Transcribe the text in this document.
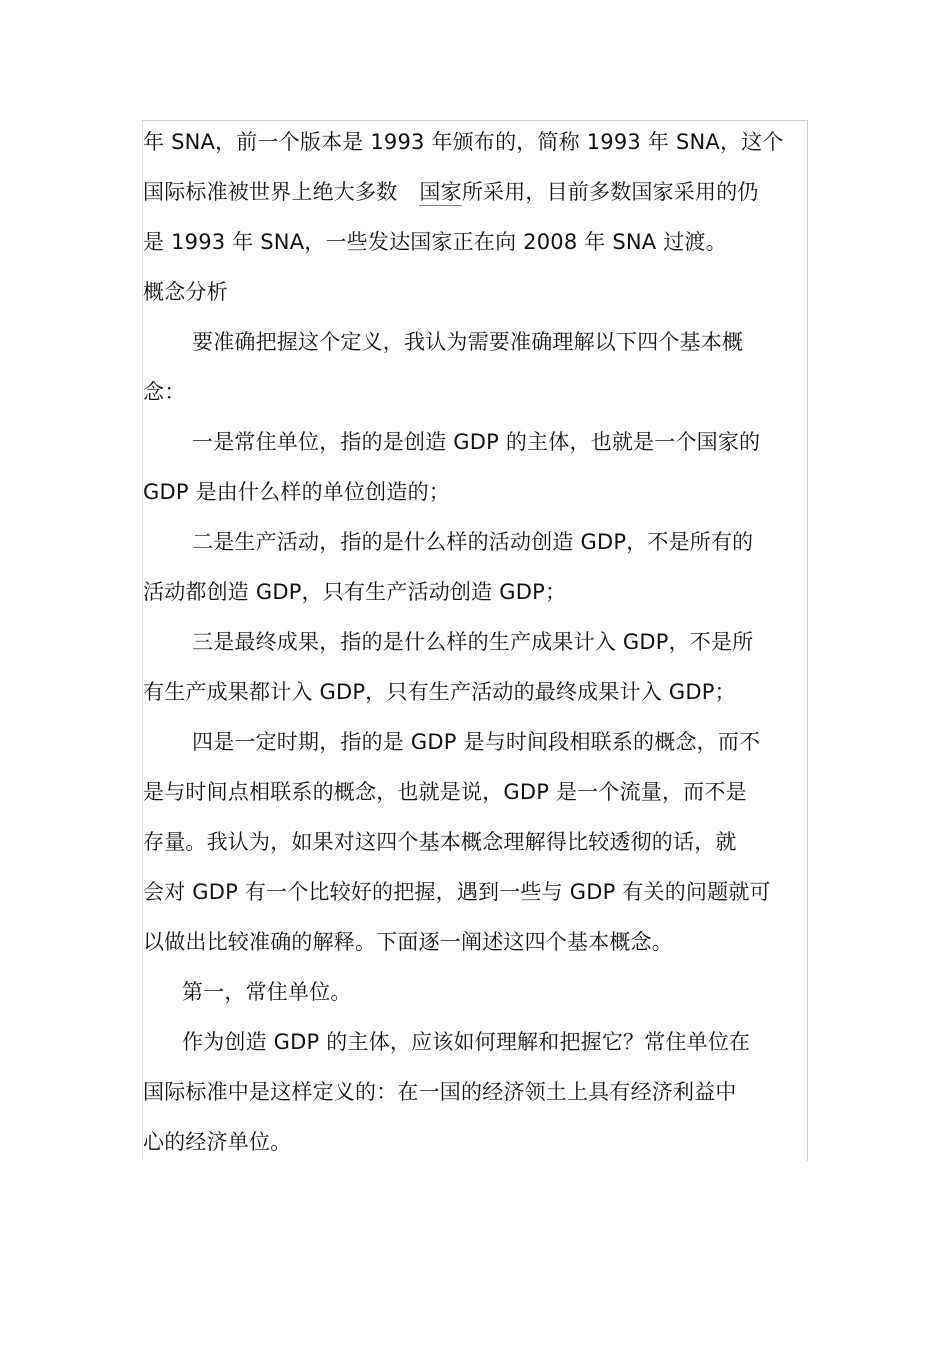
年 SNA，前一个版本是 1993 年颁布的，简称 1993 年 SNA，这个
国际标准被世界上绝大多数 国家所采用，目前多数国家采用的仍
是 1993 年 SNA，一些发达国家正在向 2008 年 SNA 过渡。
概念分析
要准确把握这个定义，我认为需要准确理解以下四个基本概
念：
一是常住单位，指的是创造 GDP 的主体，也就是一个国家的
GDP 是由什么样的单位创造的；
二是生产活动，指的是什么样的活动创造 GDP，不是所有的
活动都创造 GDP，只有生产活动创造 GDP；
三是最终成果，指的是什么样的生产成果计入 GDP，不是所
有生产成果都计入 GDP，只有生产活动的最终成果计入 GDP；
四是一定时期，指的是 GDP 是与时间段相联系的概念，而不
是与时间点相联系的概念，也就是说，GDP 是一个流量，而不是
存量。我认为，如果对这四个基本概念理解得比较透彻的话，就
会对 GDP 有一个比较好的把握，遇到一些与 GDP 有关的问题就可
以做出比较准确的解释。下面逐一阐述这四个基本概念。
第一，常住单位。
作为创造 GDP 的主体，应该如何理解和把握它？常住单位在
国际标准中是这样定义的：在一国的经济领土上具有经济利益中
心的经济单位。
